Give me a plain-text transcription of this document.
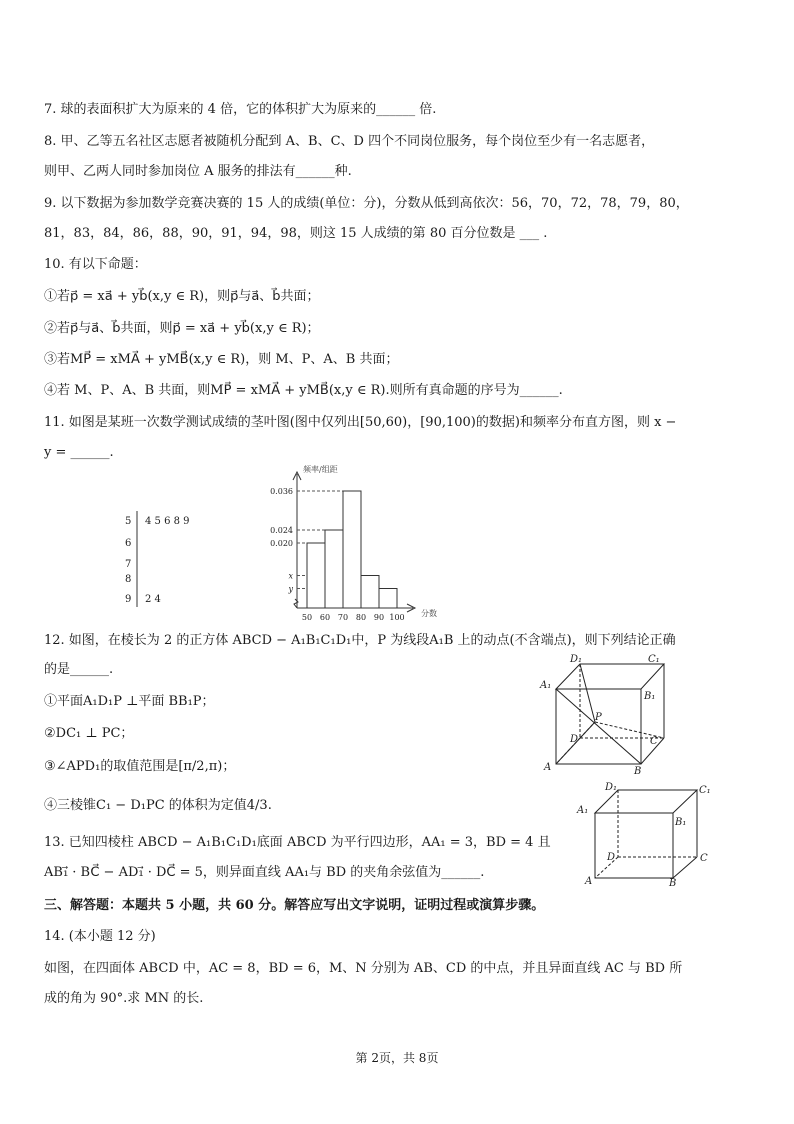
7. 球的表面积扩大为原来的 4 倍，它的体积扩大为原来的______ 倍.
8. 甲、乙等五名社区志愿者被随机分配到 A、B、C、D 四个不同岗位服务，每个岗位至少有一名志愿者，
则甲、乙两人同时参加岗位 A 服务的排法有______种.
9. 以下数据为参加数学竞赛决赛的 15 人的成绩(单位：分)，分数从低到高依次：56，70，72，78，79，80，
81，83，84，86，88，90，91，94，98，则这 15 人成绩的第 80 百分位数是 ___ .
10. 有以下命题：
①若p⃗ = xa⃗ + yb⃗(x,y ∈ R)，则p⃗与a⃗、b⃗共面；
②若p⃗与a⃗、b⃗共面，则p⃗ = xa⃗ + yb⃗(x,y ∈ R)；
③若MP⃗ = xMA⃗ + yMB⃗(x,y ∈ R)，则 M、P、A、B 共面；
④若 M、P、A、B 共面，则MP⃗ = xMA⃗ + yMB⃗(x,y ∈ R).则所有真命题的序号为______.
11. 如图是某班一次数学测试成绩的茎叶图(图中仅列出[50,60)，[90,100)的数据)和频率分布直方图，则 x −
y = ______.
5 4 5 6 8 9
6
7
8
9 2 4
频率/组距
分数
0.036
0.024
0.020
x
y
50 60 70 80 90 100
12. 如图，在棱长为 2 的正方体 ABCD − A₁B₁C₁D₁中，P 为线段A₁B 上的动点(不含端点)，则下列结论正确
的是______.
①平面A₁D₁P ⊥平面 BB₁P；
②DC₁ ⊥ PC；
③∠APD₁的取值范围是[π/2,π)；
④三棱锥C₁ − D₁PC 的体积为定值4/3.
D₁	C₁
A₁
B₁
P
D	C
A	B
13. 已知四棱柱 ABCD − A₁B₁C₁D₁底面 ABCD 为平行四边形，AA₁ = 3，BD = 4 且
AB₁⃗ · BC⃗ − AD₁⃗ · DC⃗ = 5，则异面直线 AA₁与 BD 的夹角余弦值为______.
D₁	C₁
A₁
B₁
D	C
A	B
三、解答题：本题共 5 小题，共 60 分。解答应写出文字说明，证明过程或演算步骤。
14. (本小题 12 分)
如图，在四面体 ABCD 中，AC = 8，BD = 6，M、N 分别为 AB、CD 的中点，并且异面直线 AC 与 BD 所
成的角为 90°.求 MN 的长.
第 2页，共 8页
